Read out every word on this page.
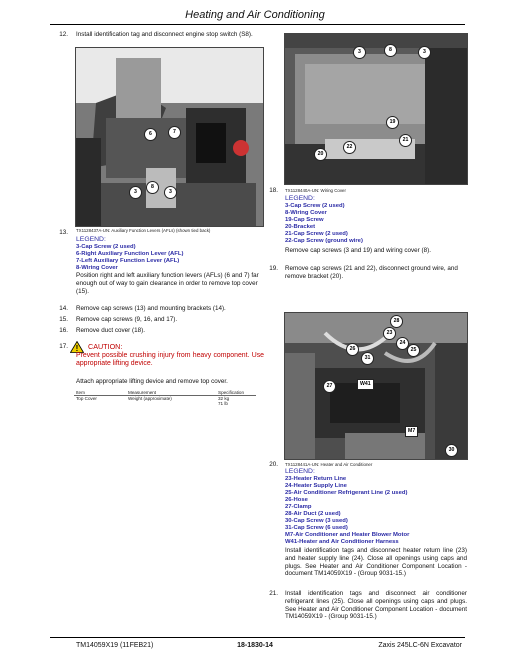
Heating and Air Conditioning
12. Install identification tag and disconnect engine stop switch (S8).
6	7
3
8
3
TX1128437A-UN: Auxiliary Function Levers (AFLs) (shown tied back)
13.
LEGEND:
3-Cap Screw (2 used)
6-Right Auxiliary Function Lever (AFL)
7-Left Auxiliary Function Lever (AFL)
8-Wiring Cover
Position right and left auxiliary function levers (AFLs) (6 and 7) far enough out of way to gain clearance in order to remove top cover (15).
14. Remove cap screws (13) and mounting brackets (14).
15. Remove cap screws (9, 16, and 17).
16. Remove duct cover (18).
17. ! CAUTION:
Prevent possible crushing injury from heavy component. Use appropriate lifting device.
Attach appropriate lifting device and remove top cover.
Item	Measurement	Specification
Top Cover	Weight (approximate)	32 kg
71 lb
3	8	3
19
21
20
22
18. TX1128440A-UN: Wiring Cover
LEGEND:
3-Cap Screw (2 used)
8-Wiring Cover
19-Cap Screw
20-Bracket
21-Cap Screw (2 used)
22-Cap Screw (ground wire)
Remove cap screws (3 and 19) and wiring cover (8).
19. Remove cap screws (21 and 22), disconnect ground wire, and remove bracket (20).
28
23
24
25
26
31
27
30
W41
M7
20. TX1128441A-UN: Heater and Air Conditioner
LEGEND:
23-Heater Return Line
24-Heater Supply Line
25-Air Conditioner Refrigerant Line (2 used)
26-Hose
27-Clamp
28-Air Duct (2 used)
30-Cap Screw (3 used)
31-Cap Screw (6 used)
M7-Air Conditioner and Heater Blower Motor
W41-Heater and Air Conditioner Harness
Install identification tags and disconnect heater return line (23) and heater supply line (24). Close all openings using caps and plugs. See Heater and Air Conditioner Component Location - document TM14059X19 - (Group 9031-15.)
21. Install identification tags and disconnect air conditioner refrigerant lines (25). Close all openings using caps and plugs. See Heater and Air Conditioner Component Location - document TM14059X19 - (Group 9031-15.)
TM14059X19 (11FEB21)	18-1830-14	Zaxis 245LC-6N Excavator
